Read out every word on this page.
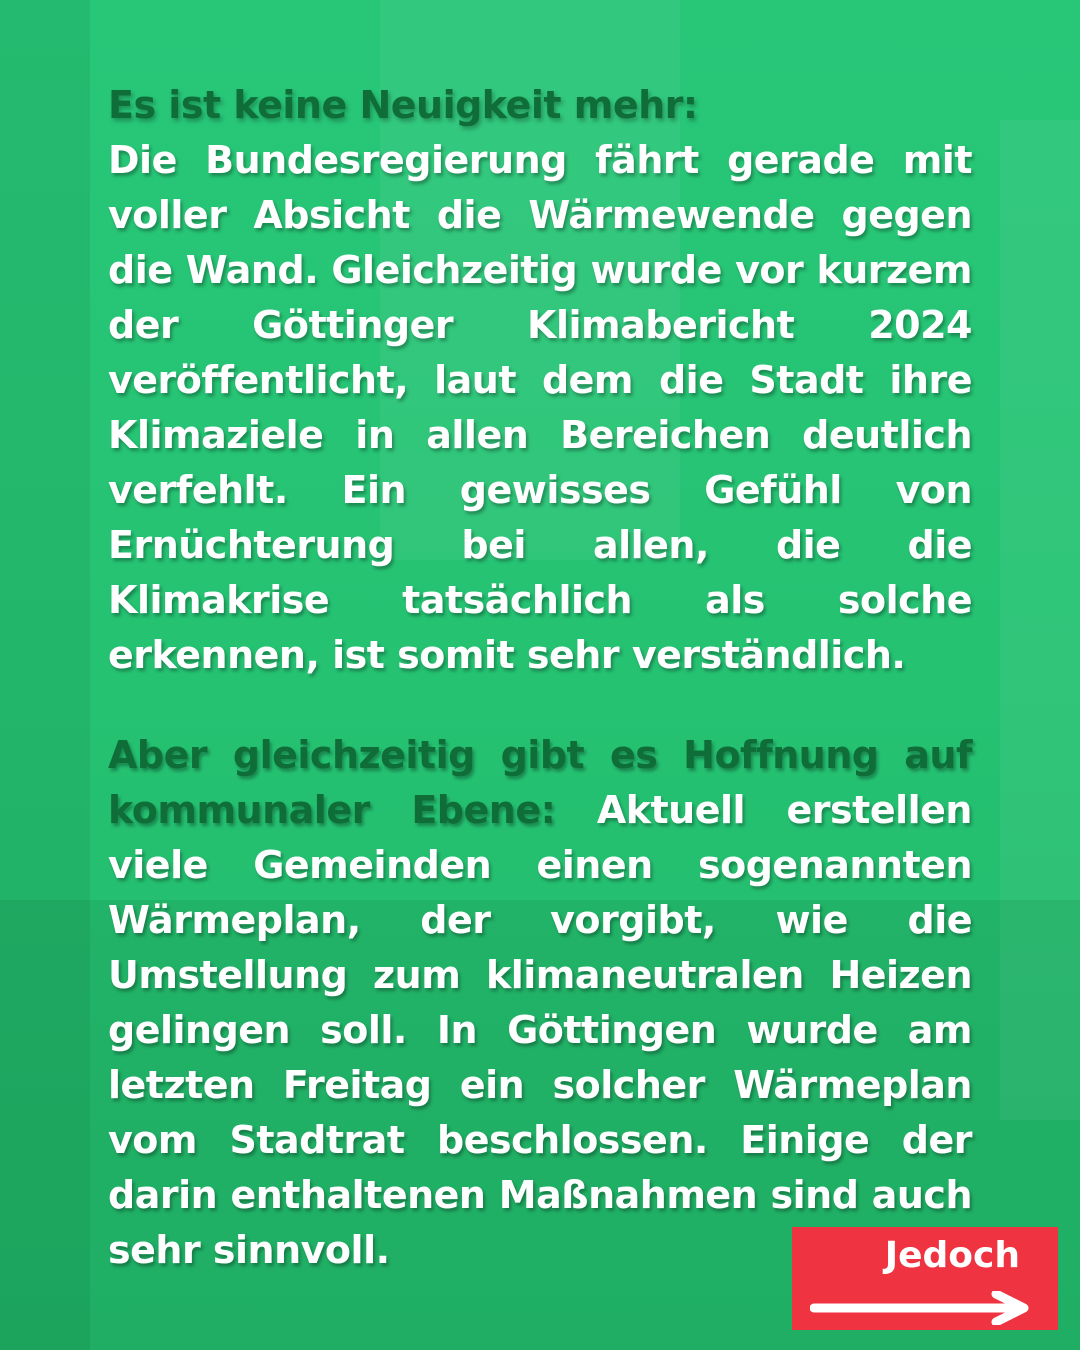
Es ist keine Neuigkeit mehr:
Die Bundesregierung fährt gerade mit voller Absicht die Wärmewende gegen die Wand. Gleichzeitig wurde vor kurzem der Göttinger Klimabericht 2024 veröffentlicht, laut dem die Stadt ihre Klimaziele in allen Bereichen deutlich verfehlt. Ein gewisses Gefühl von Ernüchterung bei allen, die die Klimakrise tatsächlich als solche erkennen, ist somit sehr verständlich.
Aber gleichzeitig gibt es Hoffnung auf kommunaler Ebene: Aktuell erstellen viele Gemeinden einen sogenannten Wärmeplan, der vorgibt, wie die Umstellung zum klimaneutralen Heizen gelingen soll. In Göttingen wurde am letzten Freitag ein solcher Wärmeplan vom Stadtrat beschlossen. Einige der darin enthaltenen Maßnahmen sind auch sehr sinnvoll.	Jedoch
